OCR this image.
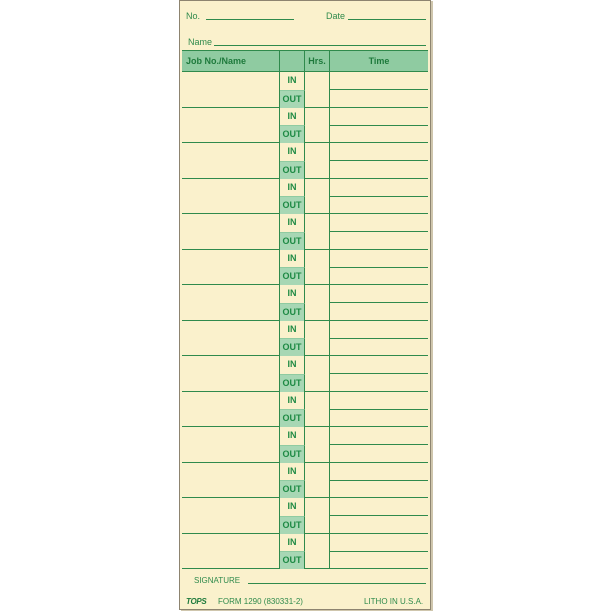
No.	Date
Name
Job No./Name	Hrs.	Time
IN
OUT
IN
OUT
IN
OUT
IN
OUT
IN
OUT
IN
OUT
IN
OUT
IN
OUT
IN
OUT
IN
OUT
IN
OUT
IN
OUT
IN
OUT
IN
OUT
SIGNATURE
TOPS FORM 1290 (830331-2)	LITHO IN U.S.A.
